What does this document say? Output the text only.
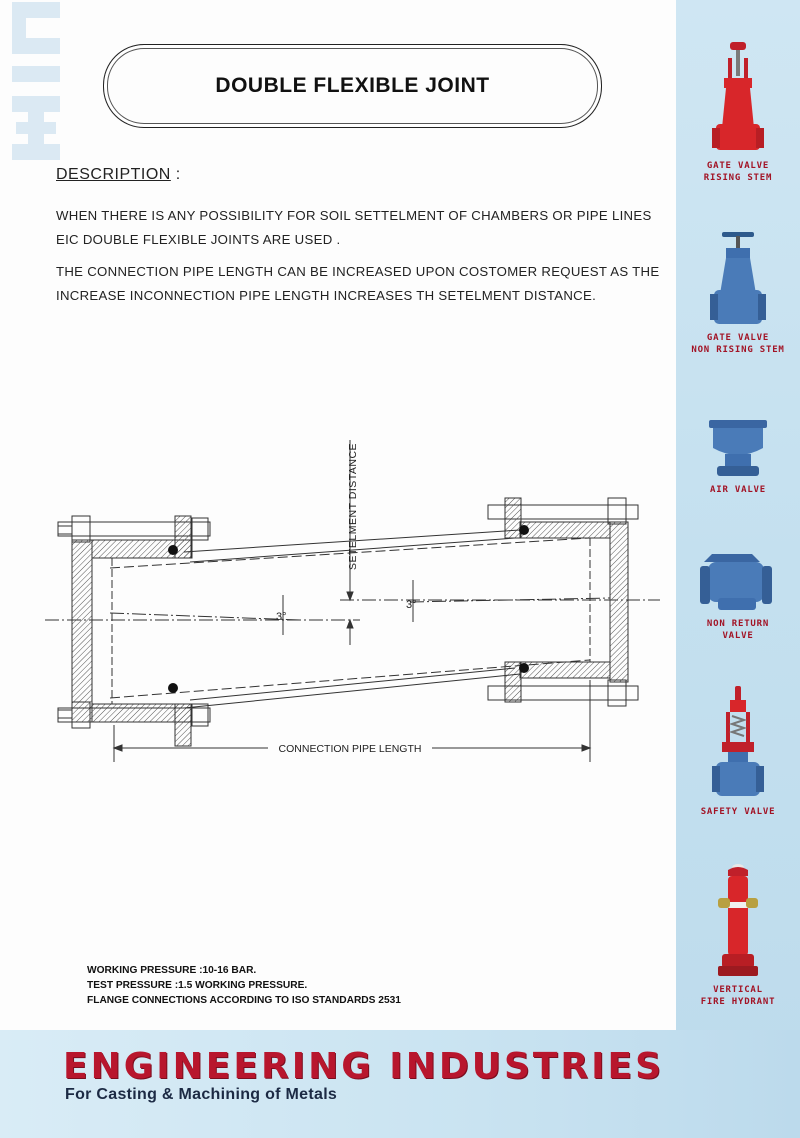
DOUBLE FLEXIBLE JOINT
DESCRIPTION :
WHEN THERE IS ANY POSSIBILITY FOR SOIL SETTELMENT OF CHAMBERS OR PIPE LINES
EIC DOUBLE FLEXIBLE JOINTS ARE USED .
THE CONNECTION PIPE LENGTH CAN BE INCREASED UPON COSTOMER REQUEST AS THE
INCREASE INCONNECTION PIPE LENGTH INCREASES TH SETELMENT DISTANCE.
SETELMENT DISTANCE
3°
3°
CONNECTION PIPE LENGTH
WORKING PRESSURE :10-16 BAR.
TEST PRESSURE :1.5 WORKING PRESSURE.
FLANGE CONNECTIONS ACCORDING TO ISO STANDARDS 2531
ENGINEERING INDUSTRIES
For Casting & Machining of Metals
GATE VALVE
RISING STEM
GATE VALVE
NON RISING STEM
AIR VALVE
NON RETURN
VALVE
SAFETY VALVE
VERTICAL
FIRE HYDRANT
